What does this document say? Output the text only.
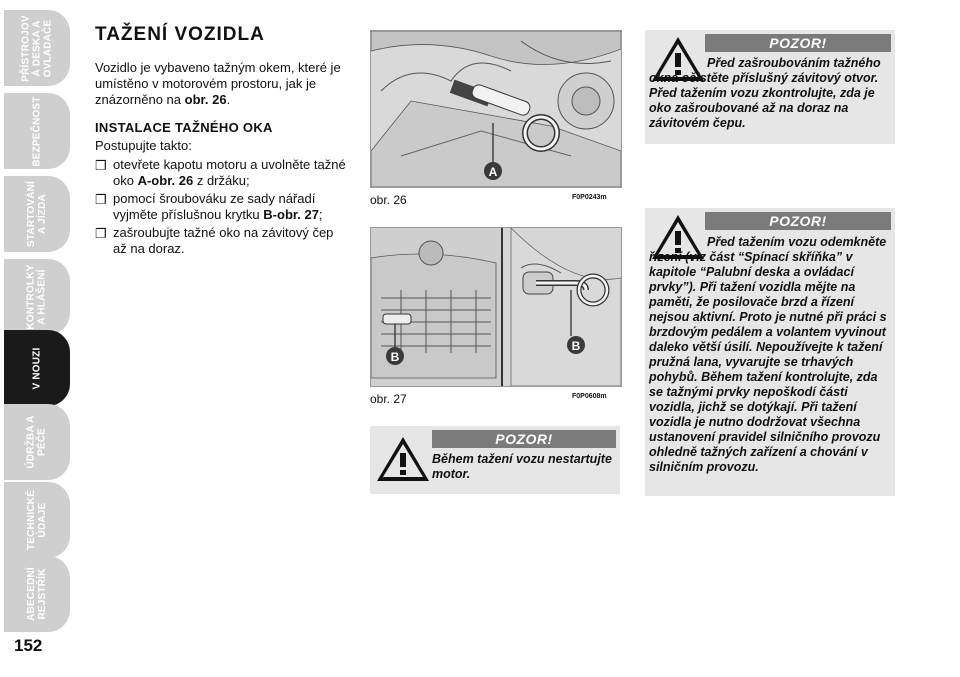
PŘÍSTROJOV
Á DESKA A
OVLADAČE
BEZPEČNOST
STARTOVÁNÍ
A JÍZDA
KONTROLKY
A HLÁŠENÍ
V NOUZI
ÚDRŽBA A
PÉČE
TECHNICKÉ
ÚDAJE
ABECEDNÍ
REJSTŘÍK
152
TAŽENÍ VOZIDLA
Vozidlo je vybaveno tažným okem, které je umístěno v motorovém prostoru, jak je znázorněno na obr. 26.
INSTALACE TAŽNÉHO OKA
Postupujte takto:
❒ otevřete kapotu motoru a uvolněte tažné oko A-obr. 26 z držáku;
❒ pomocí šroubováku ze sady nářadí vyjměte příslušnou krytku B-obr. 27;
❒ zašroubujte tažné oko na závitový čep až na doraz.
A
obr. 26	F0P0243m
B
B
obr. 27	F0P0608m
POZOR!
Před zašroubováním tažného okna očistěte příslušný závitový otvor. Před tažením vozu zkontrolujte, zda je oko zašroubované až na doraz na závitovém čepu.
POZOR!
Před tažením vozu odemkněte řízení (viz část “Spínací skříňka” v kapitole “Palubní deska a ovládací prvky”). Při tažení vozidla mějte na paměti, že posilovače brzd a řízení nejsou aktivní. Proto je nutné při práci s brzdovým pedálem a volantem vyvinout daleko větší úsilí. Nepoužívejte k tažení pružná lana, vyvarujte se trhavých pohybů. Během tažení kontrolujte, zda se tažnými prvky nepoškodí části vozidla, jichž se dotýkají. Při tažení vozidla je nutno dodržovat všechna ustanovení pravidel silničního provozu ohledně tažných zařízení a chování v silničním provozu.
POZOR!
Během tažení vozu nestartujte motor.
